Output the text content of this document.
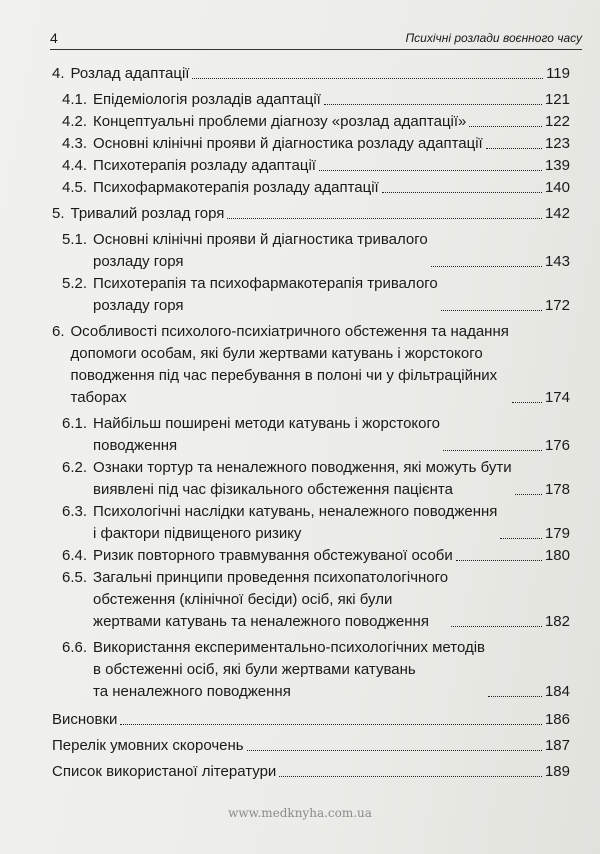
4	Психічні розлади воєнного часу
4. Розлад адаптації	119
4.1. Епідеміологія розладів адаптації	121
4.2. Концептуальні проблеми діагнозу «розлад адаптації»	122
4.3. Основні клінічні прояви й діагностика розладу адаптації	123
4.4. Психотерапія розладу адаптації	139
4.5. Психофармакотерапія розладу адаптації	140
5. Тривалий розлад горя	142
5.1. Основні клінічні прояви й діагностика тривалого
розладу горя	143
5.2. Психотерапія та психофармакотерапія тривалого
розладу горя	172
6. Особливості психолого-психіатричного обстеження та надання
допомоги особам, які були жертвами катувань і жорстокого
поводження під час перебування в полоні чи у фільтраційних
таборах	174
6.1. Найбільш поширені методи катувань і жорстокого
поводження	176
6.2. Ознаки тортур та неналежного поводження, які можуть бути
виявлені під час фізикального обстеження пацієнта	178
6.3. Психологічні наслідки катувань, неналежного поводження
і фактори підвищеного ризику	179
6.4. Ризик повторного травмування обстежуваної особи	180
6.5. Загальні принципи проведення психопатологічного
обстеження (клінічної бесіди) осіб, які були
жертвами катувань та неналежного поводження	182
6.6. Використання експериментально-психологічних методів
в обстеженні осіб, які були жертвами катувань
та неналежного поводження	184
Висновки	186
Перелік умовних скорочень	187
Список використаної літератури	189
www.medknyha.com.ua
